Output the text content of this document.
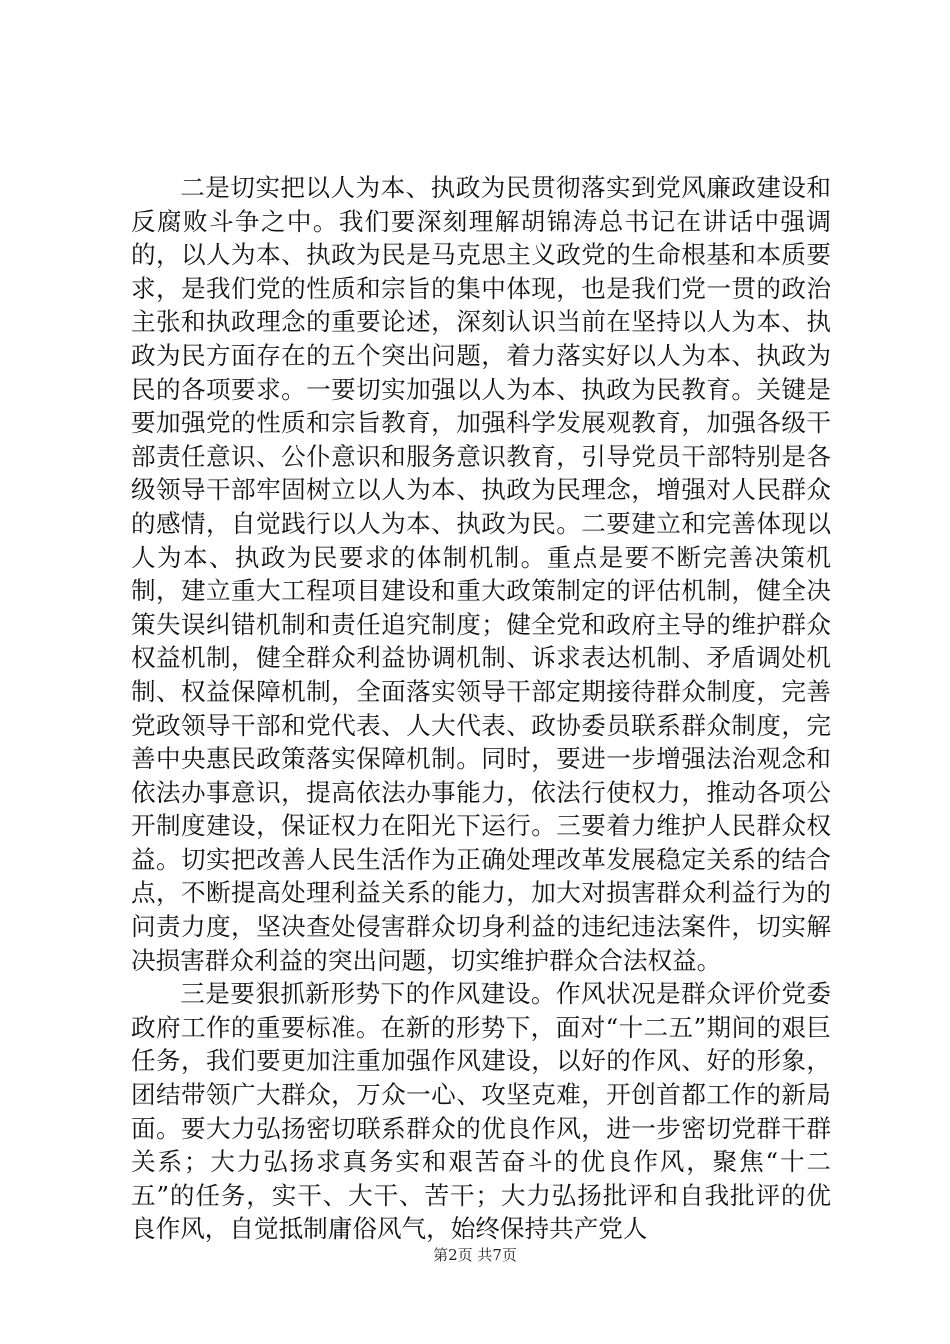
二是切实把以人为本、执政为民贯彻落实到党风廉政建设和反腐败斗争之中。我们要深刻理解胡锦涛总书记在讲话中强调的，以人为本、执政为民是马克思主义政党的生命根基和本质要求，是我们党的性质和宗旨的集中体现，也是我们党一贯的政治主张和执政理念的重要论述，深刻认识当前在坚持以人为本、执政为民方面存在的五个突出问题，着力落实好以人为本、执政为民的各项要求。一要切实加强以人为本、执政为民教育。关键是要加强党的性质和宗旨教育，加强科学发展观教育，加强各级干部责任意识、公仆意识和服务意识教育，引导党员干部特别是各级领导干部牢固树立以人为本、执政为民理念，增强对人民群众的感情，自觉践行以人为本、执政为民。二要建立和完善体现以人为本、执政为民要求的体制机制。重点是要不断完善决策机制，建立重大工程项目建设和重大政策制定的评估机制，健全决策失误纠错机制和责任追究制度；健全党和政府主导的维护群众权益机制，健全群众利益协调机制、诉求表达机制、矛盾调处机制、权益保障机制，全面落实领导干部定期接待群众制度，完善党政领导干部和党代表、人大代表、政协委员联系群众制度，完善中央惠民政策落实保障机制。同时，要进一步增强法治观念和依法办事意识，提高依法办事能力，依法行使权力，推动各项公开制度建设，保证权力在阳光下运行。三要着力维护人民群众权益。切实把改善人民生活作为正确处理改革发展稳定关系的结合点，不断提高处理利益关系的能力，加大对损害群众利益行为的问责力度，坚决查处侵害群众切身利益的违纪违法案件，切实解决损害群众利益的突出问题，切实维护群众合法权益。

三是要狠抓新形势下的作风建设。作风状况是群众评价党委政府工作的重要标准。在新的形势下，面对“十二五”期间的艰巨任务，我们要更加注重加强作风建设，以好的作风、好的形象，团结带领广大群众，万众一心、攻坚克难，开创首都工作的新局面。要大力弘扬密切联系群众的优良作风，进一步密切党群干群关系；大力弘扬求真务实和艰苦奋斗的优良作风，聚焦“十二五”的任务，实干、大干、苦干；大力弘扬批评和自我批评的优良作风，自觉抵制庸俗风气，始终保持共产党人

第2页 共7页
